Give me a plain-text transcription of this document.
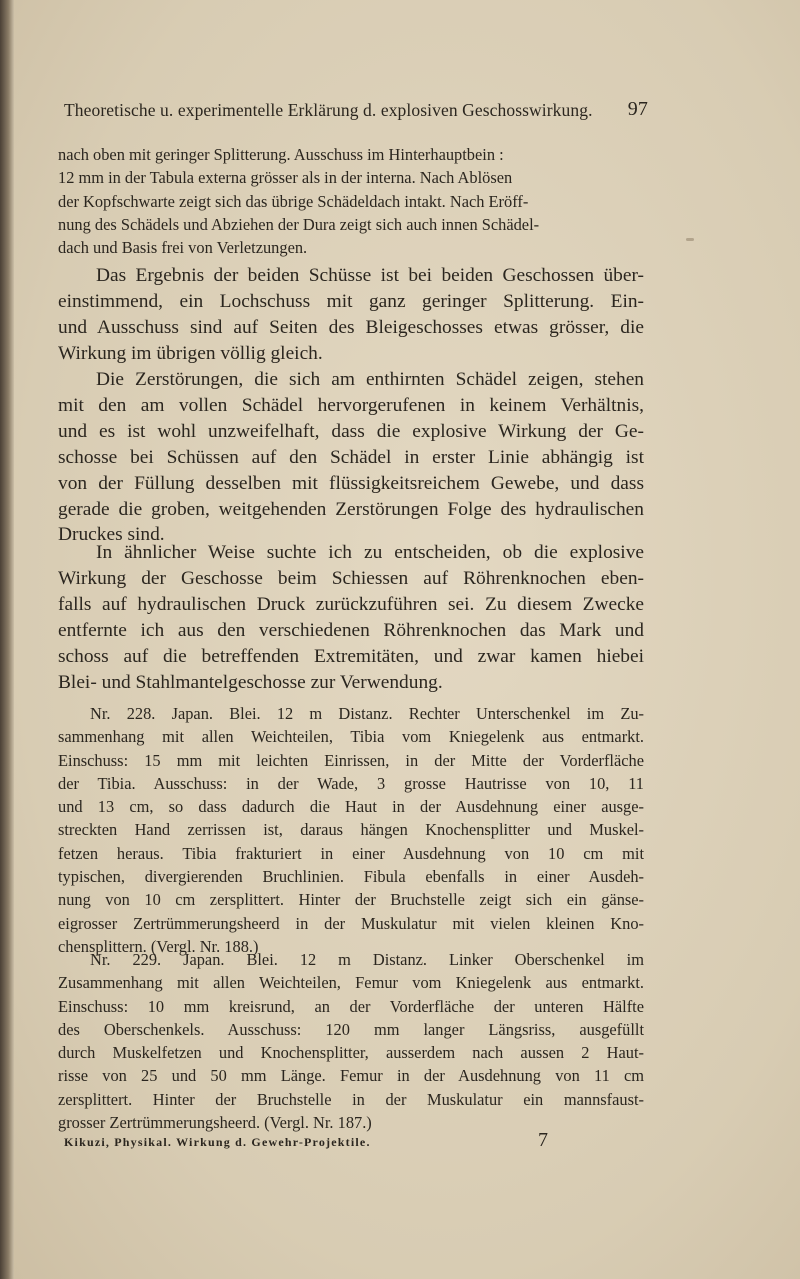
Theoretische u. experimentelle Erklärung d. explosiven Geschosswirkung. 97
nach oben mit geringer Splitterung. Ausschuss im Hinterhauptbein :
12 mm in der Tabula externa grösser als in der interna. Nach Ablösen
der Kopfschwarte zeigt sich das übrige Schädeldach intakt. Nach Eröff-
nung des Schädels und Abziehen der Dura zeigt sich auch innen Schädel-
dach und Basis frei von Verletzungen.
Das Ergebnis der beiden Schüsse ist bei beiden Geschossen über-
einstimmend, ein Lochschuss mit ganz geringer Splitterung. Ein-
und Ausschuss sind auf Seiten des Bleigeschosses etwas grösser, die
Wirkung im übrigen völlig gleich.
Die Zerstörungen, die sich am enthirnten Schädel zeigen, stehen
mit den am vollen Schädel hervorgerufenen in keinem Verhältnis,
und es ist wohl unzweifelhaft, dass die explosive Wirkung der Ge-
schosse bei Schüssen auf den Schädel in erster Linie abhängig ist
von der Füllung desselben mit flüssigkeitsreichem Gewebe, und dass
gerade die groben, weitgehenden Zerstörungen Folge des hydraulischen
Druckes sind.
In ähnlicher Weise suchte ich zu entscheiden, ob die explosive
Wirkung der Geschosse beim Schiessen auf Röhrenknochen eben-
falls auf hydraulischen Druck zurückzuführen sei. Zu diesem Zwecke
entfernte ich aus den verschiedenen Röhrenknochen das Mark und
schoss auf die betreffenden Extremitäten, und zwar kamen hiebei
Blei- und Stahlmantelgeschosse zur Verwendung.
Nr. 228. Japan. Blei. 12 m Distanz. Rechter Unterschenkel im Zu-
sammenhang mit allen Weichteilen, Tibia vom Kniegelenk aus entmarkt.
Einschuss: 15 mm mit leichten Einrissen, in der Mitte der Vorderfläche
der Tibia. Ausschuss: in der Wade, 3 grosse Hautrisse von 10, 11
und 13 cm, so dass dadurch die Haut in der Ausdehnung einer ausge-
streckten Hand zerrissen ist, daraus hängen Knochensplitter und Muskel-
fetzen heraus. Tibia frakturiert in einer Ausdehnung von 10 cm mit
typischen, divergierenden Bruchlinien. Fibula ebenfalls in einer Ausdeh-
nung von 10 cm zersplittert. Hinter der Bruchstelle zeigt sich ein gänse-
eigrosser Zertrümmerungsheerd in der Muskulatur mit vielen kleinen Kno-
chensplittern. (Vergl. Nr. 188.)
Nr. 229. Japan. Blei. 12 m Distanz. Linker Oberschenkel im
Zusammenhang mit allen Weichteilen, Femur vom Kniegelenk aus entmarkt.
Einschuss: 10 mm kreisrund, an der Vorderfläche der unteren Hälfte
des Oberschenkels. Ausschuss: 120 mm langer Längsriss, ausgefüllt
durch Muskelfetzen und Knochensplitter, ausserdem nach aussen 2 Haut-
risse von 25 und 50 mm Länge. Femur in der Ausdehnung von 11 cm
zersplittert. Hinter der Bruchstelle in der Muskulatur ein mannsfaust-
grosser Zertrümmerungsheerd. (Vergl. Nr. 187.)
Kikuzi, Physikal. Wirkung d. Gewehr-Projektile.	7
